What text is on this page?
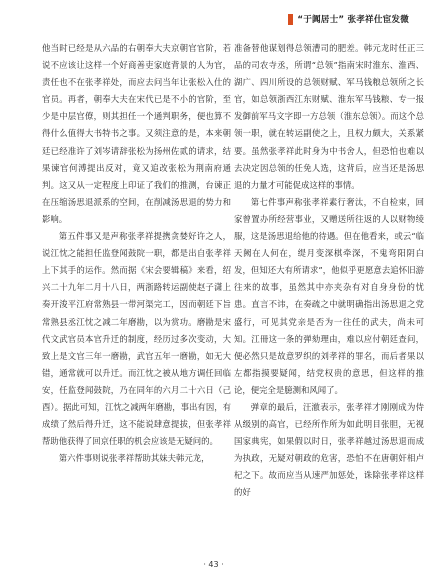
“于阗居士” 张孝祥仕宦发微

他当时已经是从六品的右朝奉大夫京朝官官阶，若说不应该让这样一个好商善吏家庭背景的人为官，责任也不在张孝祥处，而应去问当年让张松入仕的官员。再者，朝奉大夫在宋代已是不小的官阶，至少是中层官僚，则其担任一个通判职务，便也算不得什么值得大书特书之事。又须注意的是，本来朝廷已经准许了刘岑请辞张松为扬州佐贰的请求，结果谏官何溥提出反对，竟又追改张松为荆南府通判。这又从一定程度上印证了我们的推测，台谏正在压缩汤思退派系的空间，在削减汤思退的势力和影响。

第五件事又是声称张孝祥提携贪婪好许之人，说江忱之能担任监登闻鼓院一职，都是出自张孝祥上下其手的运作。然而据《宋会要辑稿》来看，绍兴二十九年二月十八日，两浙路转运副使赵子潇上奏开浚平江府常熟县一带河渠完工，因而朝廷下旨常熟县丞江忱之减二年磨勘，以为赏功。磨勘是宋代文武官员本官升迁的制度，经历过多次变动，大致上是文官三年一磨勘，武官五年一磨勘，如无大错，通常就可以升迁。而江忱之被从地方调任回临安，任监登闻鼓院，乃在同年的六月二十六日（己酉）。据此可知，江忱之减两年磨勘，事出有因，有成绩了然后得升迁，这不能说肆意提拔，但张孝祥帮助他获得了回京任职的机会应该是无疑问的。

第六件事则说张孝祥帮助其妹夫韩元龙，

准备替他谋划得总领漕司的肥差。韩元龙时任正三品的司农寺丞，所谓“总领”指南宋时淮东、淮西、湖广、四川所设的总领财赋、军马钱粮总领所之长官，如总领浙西江东财赋、淮东军马钱粮、专一报发御前军马文字即一方总领（淮东总领）。而这个总领一职，就在转运副使之上，且权力颇大，关系紧要。虽然张孝祥此时身为中书舍人，但恐怕也难以去决定因总领的任免人选，这背后，应当还是汤思退的力量才可能促成这样的事情。

第七件事声称张孝祥素行奢汰，不自检束，回家曾置办所经营事业，又赠送所往返的人以财物绫服，这是汤思退给他的待遇。但在他看来，或云“临天阙在人何在，缇月变深棋牵深，不鬼弯阳阴白发，但知还大有所请求”，他似乎更愿意去追怀旧游往来的故事，虽然其中亦夹杂有对自身身份的忧患。直言不讳，在奏疏之中就明确指出汤思退之党盛行，可见其党亲是否为一往任的武夫，尚未可知。江冊这一条的弹劾理由，难以应付朝廷查问，便必然只是故意罗织的刘孝祥的罪名，而后者果以左都指摸要疑闻，结党权贵的意思，但这样的推论，便完全是臆测和风闻了。

弹章的最后，汪澈表示，张孝祥才刚刚成为侍从级别的高官，已经所作所为如此明目张胆，无视国家典宪，如果假以时日，张孝祥越过汤思退而成为执政，无疑对朝政的危害，恐怕不在唐朝奸相卢杞之下。故而应当从速严加惩处，诛除张孝祥这样的好

· 43 ·
